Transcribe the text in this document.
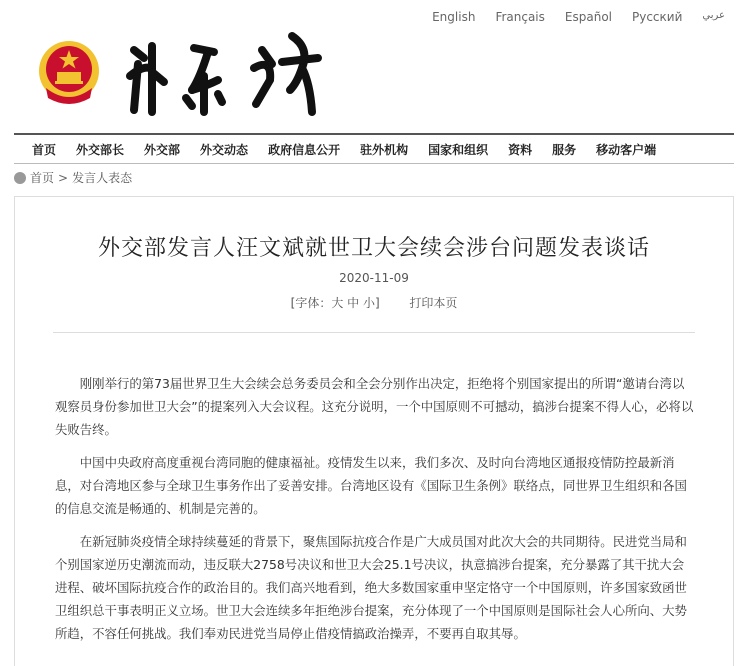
English Français Español Русский عربي
首页	外交部长	外交部	外交动态	政府信息公开	驻外机构	国家和组织	资料	服务	移动客户端
首页 > 发言人表态
外交部发言人汪文斌就世卫大会续会涉台问题发表谈话
2020-11-09
[字体：大 中 小] 打印本页

刚刚举行的第73届世界卫生大会续会总务委员会和全会分别作出决定，拒绝将个别国家提出的所谓“邀请台湾以观察员身份参加世卫大会”的提案列入大会议程。这充分说明，一个中国原则不可撼动，搞涉台提案不得人心，必将以失败告终。

中国中央政府高度重视台湾同胞的健康福祉。疫情发生以来，我们多次、及时向台湾地区通报疫情防控最新消息，对台湾地区参与全球卫生事务作出了妥善安排。台湾地区设有《国际卫生条例》联络点，同世界卫生组织和各国的信息交流是畅通的、机制是完善的。

在新冠肺炎疫情全球持续蔓延的背景下，聚焦国际抗疫合作是广大成员国对此次大会的共同期待。民进党当局和个别国家逆历史潮流而动，违反联大2758号决议和世卫大会25.1号决议，执意搞涉台提案，充分暴露了其干扰大会进程、破坏国际抗疫合作的政治目的。我们高兴地看到，绝大多数国家重申坚定恪守一个中国原则，许多国家致函世卫组织总干事表明正义立场。世卫大会连续多年拒绝涉台提案，充分体现了一个中国原则是国际社会人心所向、大势所趋，不容任何挑战。我们奉劝民进党当局停止借疫情搞政治操弄，不要再自取其辱。
